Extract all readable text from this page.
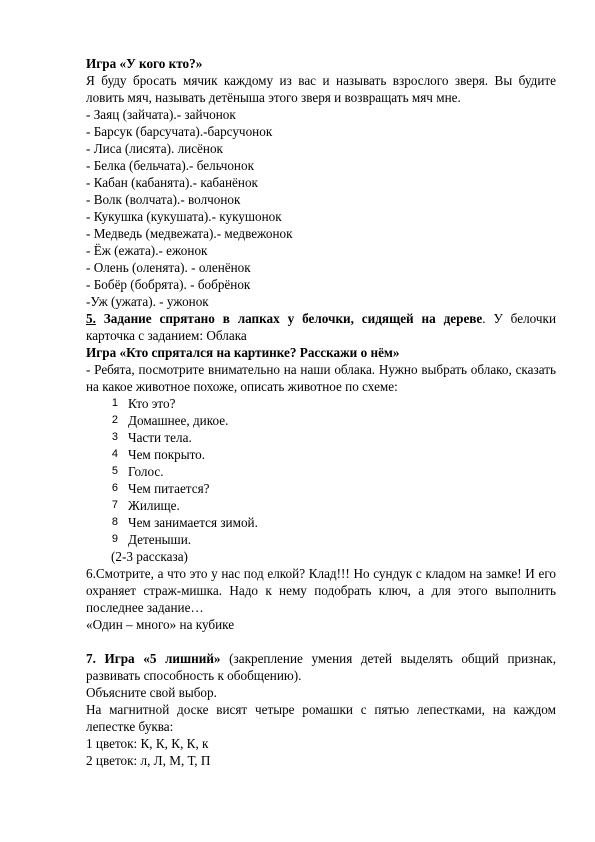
Игра «У кого кто?»

Я буду бросать мячик каждому из вас и называть взрослого зверя. Вы будите ловить мяч, называть детёныша этого зверя и возвращать мяч мне.

- Заяц (зайчата).- зайчонок

- Барсук (барсучата).-барсучонок

- Лиса (лисята). лисёнок

- Белка (бельчата).- бельчонок

- Кабан (кабанята).- кабанёнок

- Волк (волчата).- волчонок

- Кукушка (кукушата).- кукушонок

- Медведь (медвежата).- медвежонок

- Ёж (ежата).- ежонок

- Олень (оленята). - оленёнок

- Бобёр (бобрята). - бобрёнок

-Уж (ужата). - ужонок

5. Задание спрятано в лапках у белочки, сидящей на дереве. У белочки карточка с заданием: Облака

Игра «Кто спрятался на картинке? Расскажи о нём»

- Ребята, посмотрите внимательно на наши облака. Нужно выбрать облако, сказать на какое животное похоже, описать животное по схеме:

1 Кто это?
2 Домашнее, дикое.
3 Части тела.
4 Чем покрыто.
5 Голос.
6 Чем питается?
7 Жилище.
8 Чем занимается зимой.
9 Детеныши.

(2-3 рассказа)

6.Смотрите, а что это у нас под елкой? Клад!!! Но сундук с кладом на замке! И его охраняет страж-мишка. Надо к нему подобрать ключ, а для этого выполнить последнее задание…

«Один – много» на кубике

7. Игра «5 лишний» (закрепление умения детей выделять общий признак, развивать способность к обобщению).

Объясните свой выбор.

На магнитной доске висят четыре ромашки с пятью лепестками, на каждом лепестке буква:

1 цветок: К, К, К, К, к

2 цветок: л, Л, М, Т, П
